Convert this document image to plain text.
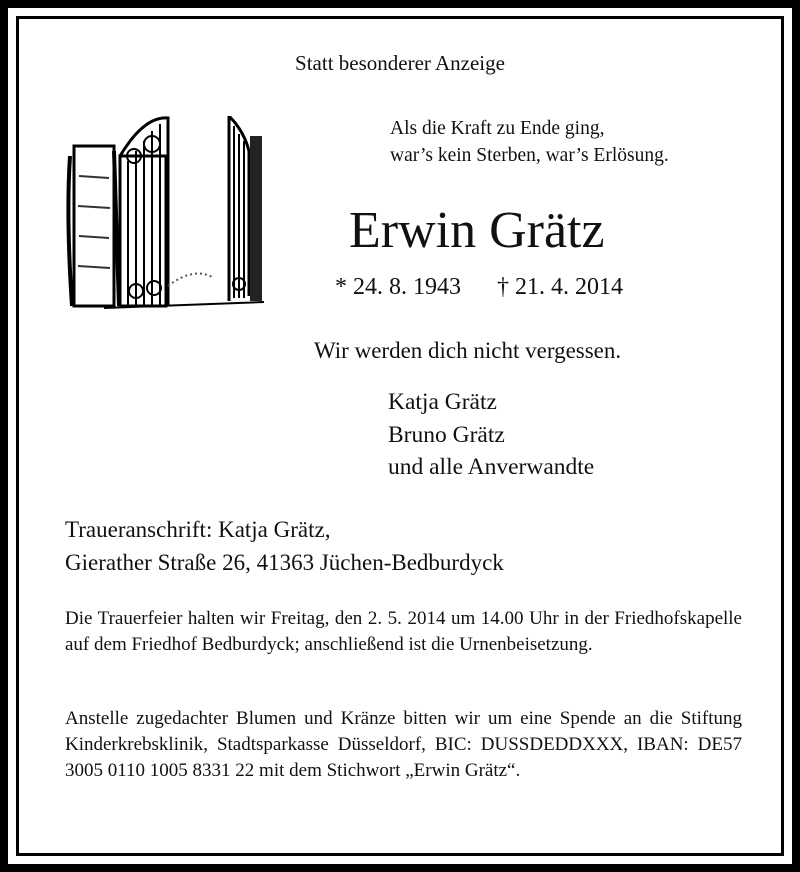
Statt besonderer Anzeige
Als die Kraft zu Ende ging,
war’s kein Sterben, war’s Erlösung.
Erwin Grätz
* 24. 8. 1943 † 21. 4. 2014
Wir werden dich nicht vergessen.
Katja Grätz
Bruno Grätz
und alle Anverwandte
Traueranschrift: Katja Grätz,
Gierather Straße 26, 41363 Jüchen-Bedburdyck
Die Trauerfeier halten wir Freitag, den 2. 5. 2014 um 14.00 Uhr in der Friedhofskapelle auf dem Friedhof Bedburdyck; anschließend ist die Urnenbeisetzung.
Anstelle zugedachter Blumen und Kränze bitten wir um eine Spende an die Stiftung Kinderkrebsklinik, Stadtsparkasse Düsseldorf, BIC: DUSSDEDDXXX, IBAN: DE57 3005 0110 1005 8331 22 mit dem Stichwort „Erwin Grätz“.
